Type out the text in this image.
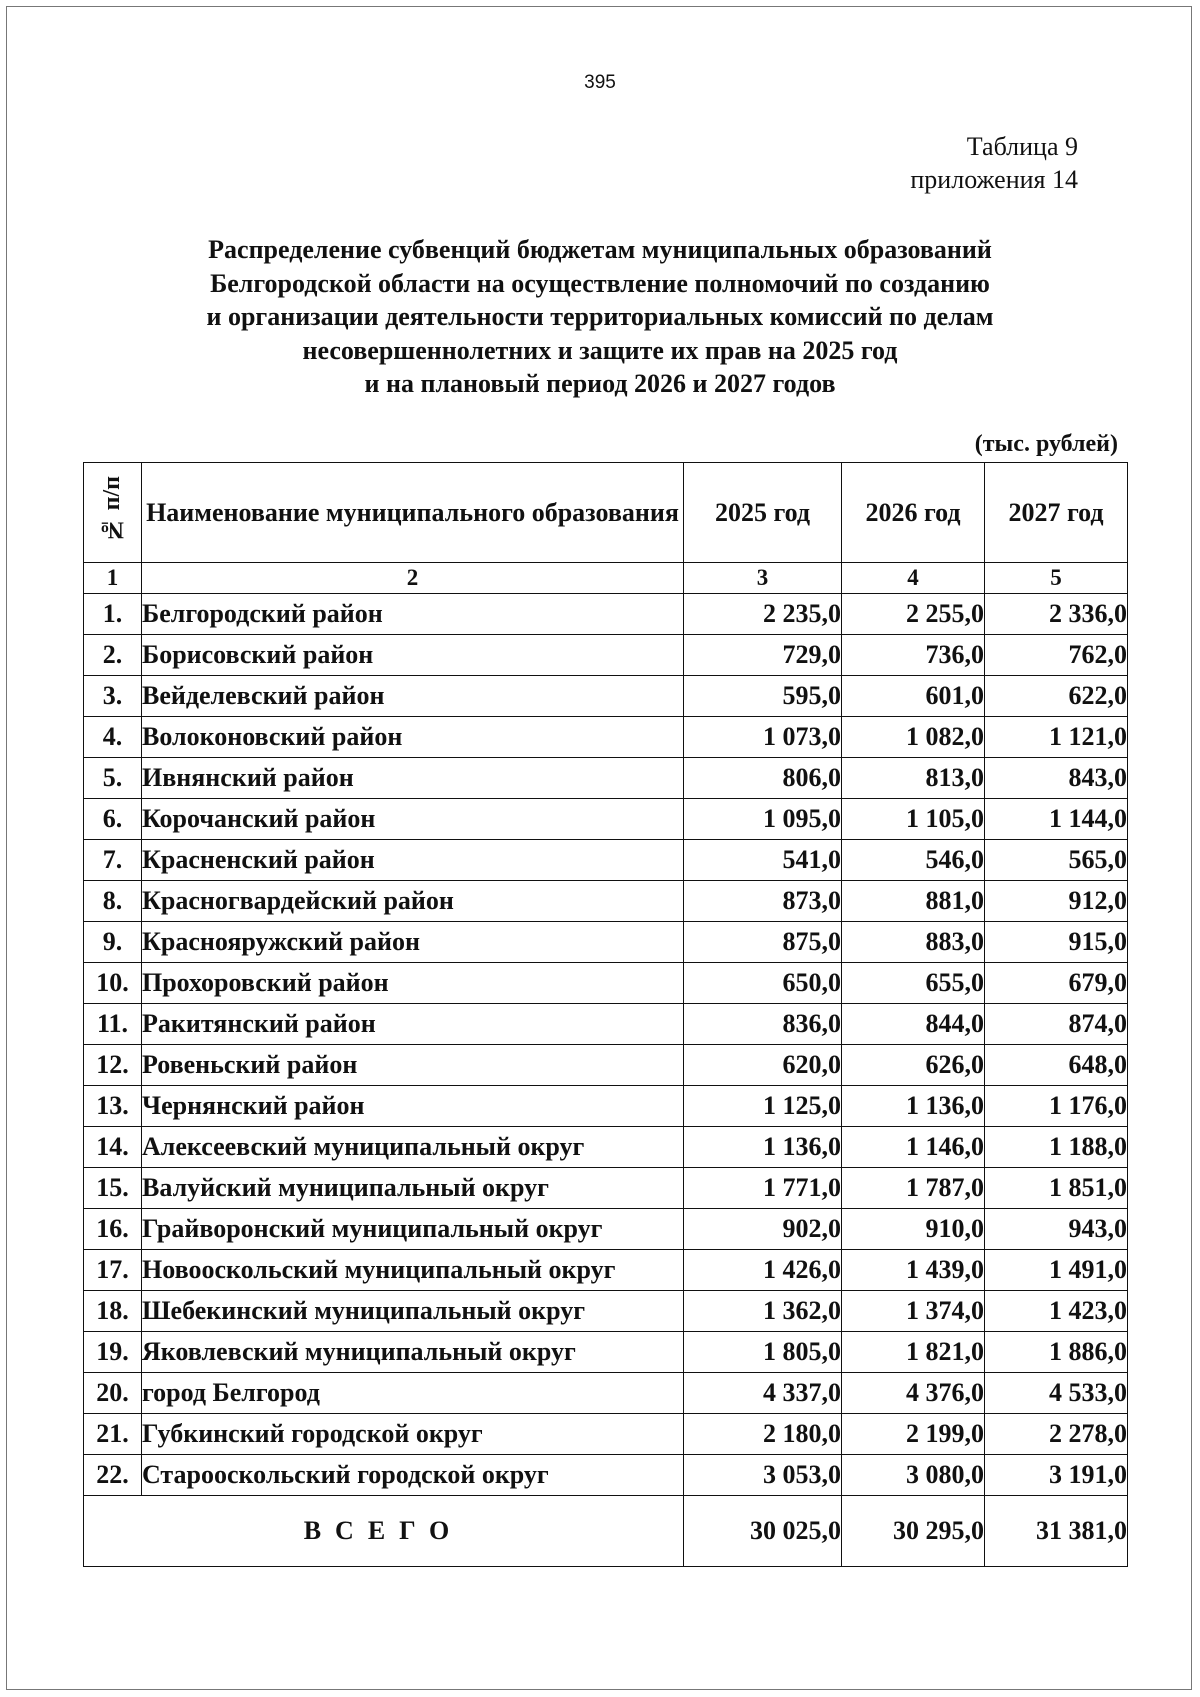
395
Таблица 9
приложения 14
Распределение субвенций бюджетам муниципальных образований
Белгородской области на осуществление полномочий по созданию
и организации деятельности территориальных комиссий по делам
несовершеннолетних и защите их прав на 2025 год
и на плановый период 2026 и 2027 годов
(тыс. рублей)
№ п/п	Наименование муниципального образования	2025 год	2026 год	2027 год
1	2	3	4	5
1.	Белгородский район	2 235,0	2 255,0	2 336,0
2.	Борисовский район	729,0	736,0	762,0
3.	Вейделевский район	595,0	601,0	622,0
4.	Волоконовский район	1 073,0	1 082,0	1 121,0
5.	Ивнянский район	806,0	813,0	843,0
6.	Корочанский район	1 095,0	1 105,0	1 144,0
7.	Красненский район	541,0	546,0	565,0
8.	Красногвардейский район	873,0	881,0	912,0
9.	Краснояружский район	875,0	883,0	915,0
10.	Прохоровский район	650,0	655,0	679,0
11.	Ракитянский район	836,0	844,0	874,0
12.	Ровеньский район	620,0	626,0	648,0
13.	Чернянский район	1 125,0	1 136,0	1 176,0
14.	Алексеевский муниципальный округ	1 136,0	1 146,0	1 188,0
15.	Валуйский муниципальный округ	1 771,0	1 787,0	1 851,0
16.	Грайворонский муниципальный округ	902,0	910,0	943,0
17.	Новооскольский муниципальный округ	1 426,0	1 439,0	1 491,0
18.	Шебекинский муниципальный округ	1 362,0	1 374,0	1 423,0
19.	Яковлевский муниципальный округ	1 805,0	1 821,0	1 886,0
20.	город Белгород	4 337,0	4 376,0	4 533,0
21.	Губкинский городской округ	2 180,0	2 199,0	2 278,0
22.	Старооскольский городской округ	3 053,0	3 080,0	3 191,0
ВСЕГО		30 025,0	30 295,0	31 381,0
